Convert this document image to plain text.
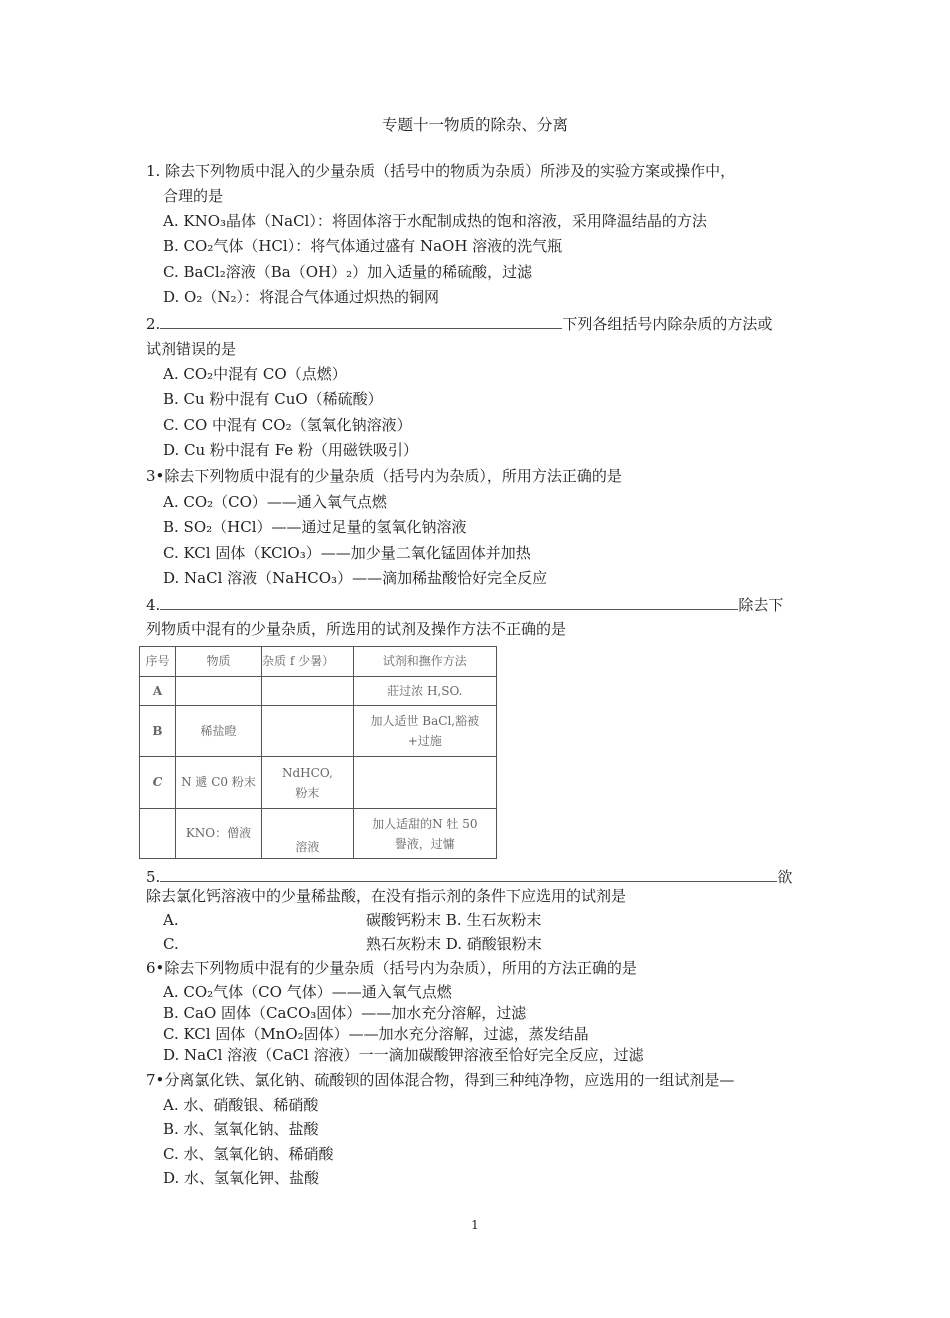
专题十一物质的除杂、分离
1. 除去下列物质中混入的少量杂质（括号中的物质为杂质）所涉及的实验方案或操作中，
合理的是
A. KNO₃晶体（NaCl）：将固体溶于水配制成热的饱和溶液，采用降温结晶的方法
B. CO₂气体（HCl）：将气体通过盛有 NaOH 溶液的洗气瓶
C. BaCl₂溶液（Ba（OH）₂）加入适量的稀硫酸，过滤
D. O₂（N₂）：将混合气体通过炽热的铜网
2.	下列各组括号内除杂质的方法或
试剂错误的是
A. CO₂中混有 CO（点燃）
B. Cu 粉中混有 CuO（稀硫酸）
C. CO 中混有 CO₂（氢氧化钠溶液）
D. Cu 粉中混有 Fe 粉（用磁铁吸引）
3•除去下列物质中混有的少量杂质（括号内为杂质），所用方法正确的是
A. CO₂（CO）——通入氧气点燃
B. SO₂（HCl）——通过足量的氢氧化钠溶液
C. KCl 固体（KClO₃）——加少量二氧化锰固体并加热
D. NaCl 溶液（NaHCO₃）——滴加稀盐酸恰好完全反应
4.	除去下
列物质中混有的少量杂质，所选用的试剂及操作方法不正确的是
序号	物质	杂质 f 少暑）	试剂和撫作方法
A			莊过浓 H,SO.
B	稀盐瞪		加人适世 BaCl,豁被+过施
C	N 遞 C0 粉末	NdHCO,粉末	
	KNO：僧液	溶液	加人适甜的N 牡 50 譽液，过慵
5.	欲
除去氯化钙溶液中的少量稀盐酸，在没有指示剂的条件下应选用的试剂是
A.	碳酸钙粉末 B. 生石灰粉末
C.	熟石灰粉末 D. 硝酸银粉末
6•除去下列物质中混有的少量杂质（括号内为杂质），所用的方法正确的是
A. CO₂气体（CO 气体）——通入氧气点燃
B. CaO 固体（CaCO₃固体）——加水充分溶解，过滤
C. KCl 固体（MnO₂固体）——加水充分溶解，过滤，蒸发结晶
D. NaCl 溶液（CaCl 溶液）一一滴加碳酸钾溶液至恰好完全反应，过滤
7•分离氯化铁、氯化钠、硫酸钡的固体混合物，得到三种纯净物，应选用的一组试剂是—
A. 水、硝酸银、稀硝酸
B. 水、氢氧化钠、盐酸
C. 水、氢氧化钠、稀硝酸
D. 水、氢氧化钾、盐酸
1
